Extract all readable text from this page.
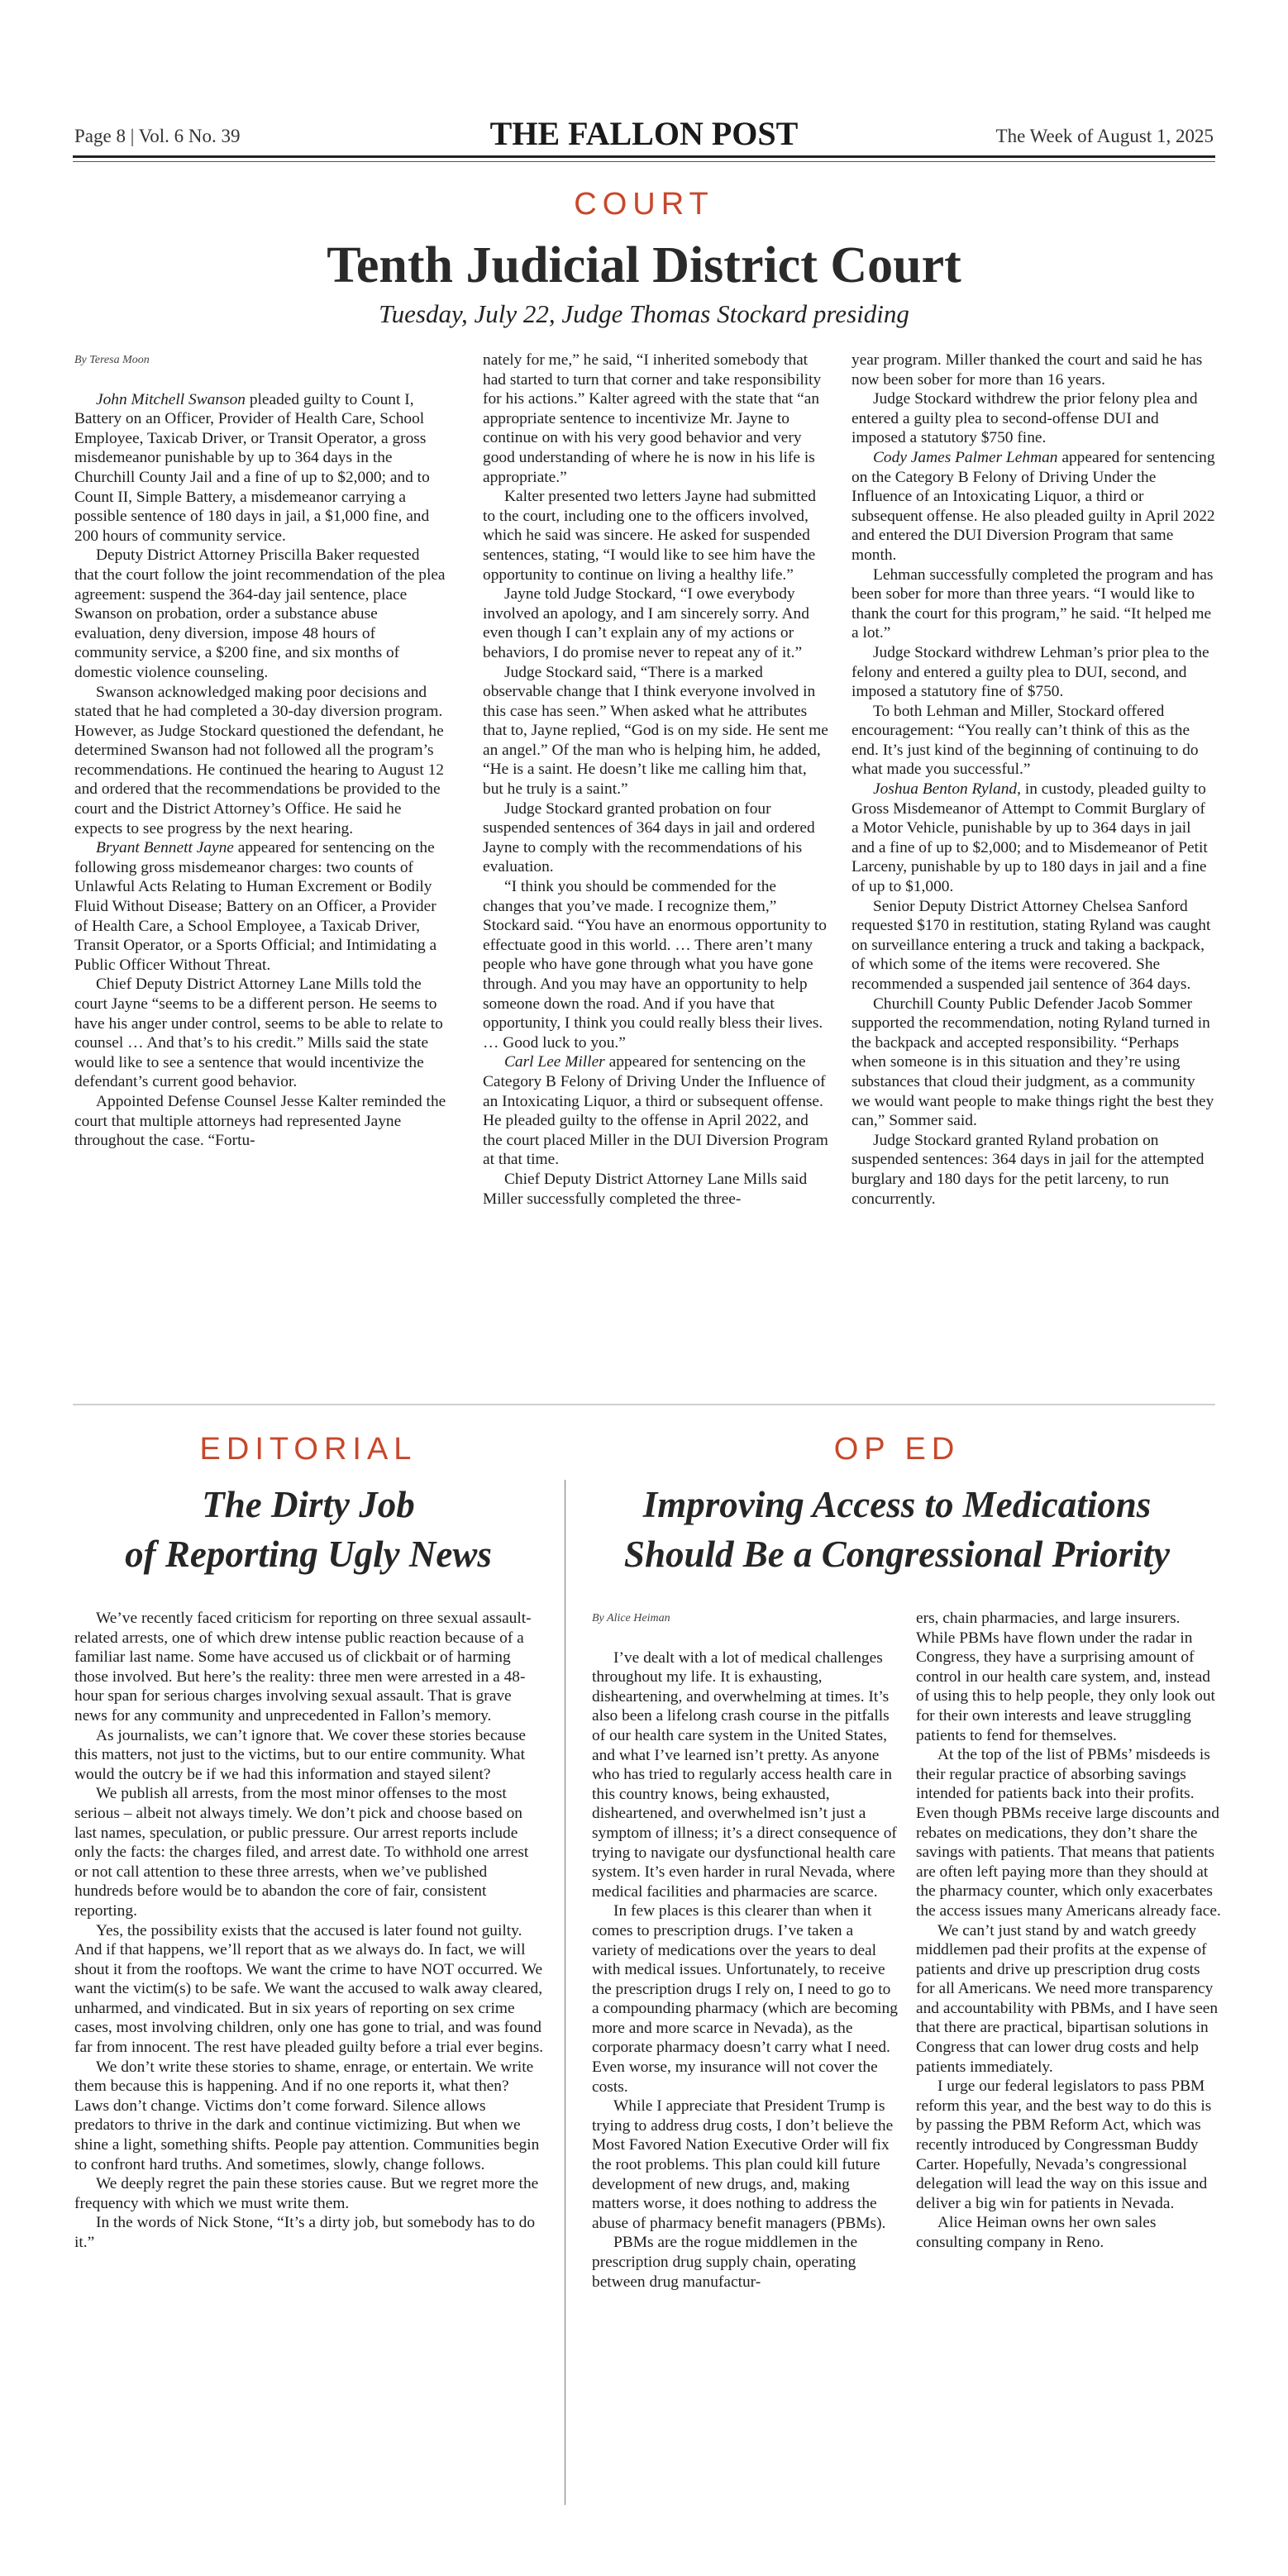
Page 8 | Vol. 6 No. 39	THE FALLON POST	The Week of August 1, 2025
COURT
Tenth Judicial District Court
Tuesday, July 22, Judge Thomas Stockard presiding

By Teresa Moon

John Mitchell Swanson pleaded guilty to Count I, Battery on an Officer, Provider of Health Care, School Employee, Taxicab Driver, or Transit Operator, a gross misdemeanor punishable by up to 364 days in the Churchill County Jail and a fine of up to $2,000; and to Count II, Simple Battery, a misdemeanor carrying a possible sentence of 180 days in jail, a $1,000 fine, and 200 hours of community service.

Deputy District Attorney Priscilla Baker requested that the court follow the joint recommendation of the plea agreement: suspend the 364-day jail sentence, place Swanson on probation, order a substance abuse evaluation, deny diversion, impose 48 hours of community service, a $200 fine, and six months of domestic violence counseling.

Swanson acknowledged making poor decisions and stated that he had completed a 30-day diversion program. However, as Judge Stockard questioned the defendant, he determined Swanson had not followed all the program’s recommendations. He continued the hearing to August 12 and ordered that the recommendations be provided to the court and the District Attorney’s Office. He said he expects to see progress by the next hearing.

Bryant Bennett Jayne appeared for sentencing on the following gross misdemeanor charges: two counts of Unlawful Acts Relating to Human Excrement or Bodily Fluid Without Disease; Battery on an Officer, a Provider of Health Care, a School Employee, a Taxicab Driver, Transit Operator, or a Sports Official; and Intimidating a Public Officer Without Threat.

Chief Deputy District Attorney Lane Mills told the court Jayne “seems to be a different person. He seems to have his anger under control, seems to be able to relate to counsel … And that’s to his credit.” Mills said the state would like to see a sentence that would incentivize the defendant’s current good behavior.

Appointed Defense Counsel Jesse Kalter reminded the court that multiple attorneys had represented Jayne throughout the case. “Fortu-

nately for me,” he said, “I inherited somebody that had started to turn that corner and take responsibility for his actions.” Kalter agreed with the state that “an appropriate sentence to incentivize Mr. Jayne to continue on with his very good behavior and very good understanding of where he is now in his life is appropriate.”

Kalter presented two letters Jayne had submitted to the court, including one to the officers involved, which he said was sincere. He asked for suspended sentences, stating, “I would like to see him have the opportunity to continue on living a healthy life.”

Jayne told Judge Stockard, “I owe everybody involved an apology, and I am sincerely sorry. And even though I can’t explain any of my actions or behaviors, I do promise never to repeat any of it.”

Judge Stockard said, “There is a marked observable change that I think everyone involved in this case has seen.” When asked what he attributes that to, Jayne replied, “God is on my side. He sent me an angel.” Of the man who is helping him, he added, “He is a saint. He doesn’t like me calling him that, but he truly is a saint.”

Judge Stockard granted probation on four suspended sentences of 364 days in jail and ordered Jayne to comply with the recommendations of his evaluation.

“I think you should be commended for the changes that you’ve made. I recognize them,” Stockard said. “You have an enormous opportunity to effectuate good in this world. … There aren’t many people who have gone through what you have gone through. And you may have an opportunity to help someone down the road. And if you have that opportunity, I think you could really bless their lives. … Good luck to you.”

Carl Lee Miller appeared for sentencing on the Category B Felony of Driving Under the Influence of an Intoxicating Liquor, a third or subsequent offense. He pleaded guilty to the offense in April 2022, and the court placed Miller in the DUI Diversion Program at that time.

Chief Deputy District Attorney Lane Mills said Miller successfully completed the three-

year program. Miller thanked the court and said he has now been sober for more than 16 years.

Judge Stockard withdrew the prior felony plea and entered a guilty plea to second-offense DUI and imposed a statutory $750 fine.

Cody James Palmer Lehman appeared for sentencing on the Category B Felony of Driving Under the Influence of an Intoxicating Liquor, a third or subsequent offense. He also pleaded guilty in April 2022 and entered the DUI Diversion Program that same month.

Lehman successfully completed the program and has been sober for more than three years. “I would like to thank the court for this program,” he said. “It helped me a lot.”

Judge Stockard withdrew Lehman’s prior plea to the felony and entered a guilty plea to DUI, second, and imposed a statutory fine of $750.

To both Lehman and Miller, Stockard offered encouragement: “You really can’t think of this as the end. It’s just kind of the beginning of continuing to do what made you successful.”

Joshua Benton Ryland, in custody, pleaded guilty to Gross Misdemeanor of Attempt to Commit Burglary of a Motor Vehicle, punishable by up to 364 days in jail and a fine of up to $2,000; and to Misdemeanor of Petit Larceny, punishable by up to 180 days in jail and a fine of up to $1,000.

Senior Deputy District Attorney Chelsea Sanford requested $170 in restitution, stating Ryland was caught on surveillance entering a truck and taking a backpack, of which some of the items were recovered. She recommended a suspended jail sentence of 364 days.

Churchill County Public Defender Jacob Sommer supported the recommendation, noting Ryland turned in the backpack and accepted responsibility. “Perhaps when someone is in this situation and they’re using substances that cloud their judgment, as a community we would want people to make things right the best they can,” Sommer said.

Judge Stockard granted Ryland probation on suspended sentences: 364 days in jail for the attempted burglary and 180 days for the petit larceny, to run concurrently.

EDITORIAL
The Dirty Job
of Reporting Ugly News

We’ve recently faced criticism for reporting on three sexual assault-related arrests, one of which drew intense public reaction because of a familiar last name. Some have accused us of clickbait or of harming those involved. But here’s the reality: three men were arrested in a 48-hour span for serious charges involving sexual assault. That is grave news for any community and unprecedented in Fallon’s memory.

As journalists, we can’t ignore that. We cover these stories because this matters, not just to the victims, but to our entire community. What would the outcry be if we had this information and stayed silent?

We publish all arrests, from the most minor offenses to the most serious – albeit not always timely. We don’t pick and choose based on last names, speculation, or public pressure. Our arrest reports include only the facts: the charges filed, and arrest date. To withhold one arrest or not call attention to these three arrests, when we’ve published hundreds before would be to abandon the core of fair, consistent reporting.

Yes, the possibility exists that the accused is later found not guilty. And if that happens, we’ll report that as we always do. In fact, we will shout it from the rooftops. We want the crime to have NOT occurred. We want the victim(s) to be safe. We want the accused to walk away cleared, unharmed, and vindicated. But in six years of reporting on sex crime cases, most involving children, only one has gone to trial, and was found far from innocent. The rest have pleaded guilty before a trial ever begins.

We don’t write these stories to shame, enrage, or entertain. We write them because this is happening. And if no one reports it, what then? Laws don’t change. Victims don’t come forward. Silence allows predators to thrive in the dark and continue victimizing. But when we shine a light, something shifts. People pay attention. Communities begin to confront hard truths. And sometimes, slowly, change follows.

We deeply regret the pain these stories cause. But we regret more the frequency with which we must write them.

In the words of Nick Stone, “It’s a dirty job, but somebody has to do it.”

OP ED
Improving Access to Medications
Should Be a Congressional Priority

By Alice Heiman

I’ve dealt with a lot of medical challenges throughout my life. It is exhausting, disheartening, and overwhelming at times. It’s also been a lifelong crash course in the pitfalls of our health care system in the United States, and what I’ve learned isn’t pretty. As anyone who has tried to regularly access health care in this country knows, being exhausted, disheartened, and overwhelmed isn’t just a symptom of illness; it’s a direct consequence of trying to navigate our dysfunctional health care system. It’s even harder in rural Nevada, where medical facilities and pharmacies are scarce.

In few places is this clearer than when it comes to prescription drugs. I’ve taken a variety of medications over the years to deal with medical issues. Unfortunately, to receive the prescription drugs I rely on, I need to go to a compounding pharmacy (which are becoming more and more scarce in Nevada), as the corporate pharmacy doesn’t carry what I need. Even worse, my insurance will not cover the costs.

While I appreciate that President Trump is trying to address drug costs, I don’t believe the Most Favored Nation Executive Order will fix the root problems. This plan could kill future development of new drugs, and, making matters worse, it does nothing to address the abuse of pharmacy benefit managers (PBMs).

PBMs are the rogue middlemen in the prescription drug supply chain, operating between drug manufactur-

ers, chain pharmacies, and large insurers. While PBMs have flown under the radar in Congress, they have a surprising amount of control in our health care system, and, instead of using this to help people, they only look out for their own interests and leave struggling patients to fend for themselves.

At the top of the list of PBMs’ misdeeds is their regular practice of absorbing savings intended for patients back into their profits. Even though PBMs receive large discounts and rebates on medications, they don’t share the savings with patients. That means that patients are often left paying more than they should at the pharmacy counter, which only exacerbates the access issues many Americans already face.

We can’t just stand by and watch greedy middlemen pad their profits at the expense of patients and drive up prescription drug costs for all Americans. We need more transparency and accountability with PBMs, and I have seen that there are practical, bipartisan solutions in Congress that can lower drug costs and help patients immediately.

I urge our federal legislators to pass PBM reform this year, and the best way to do this is by passing the PBM Reform Act, which was recently introduced by Congressman Buddy Carter. Hopefully, Nevada’s congressional delegation will lead the way on this issue and deliver a big win for patients in Nevada.

Alice Heiman owns her own sales consulting company in Reno.
